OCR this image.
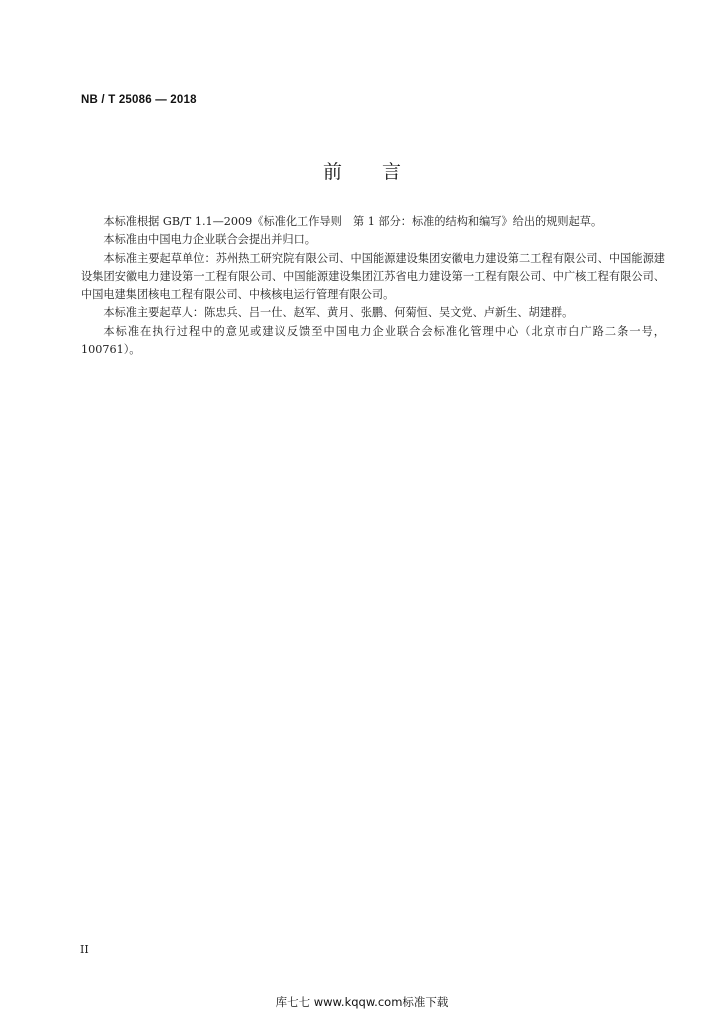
NB / T 25086 — 2018
前言

本标准根据 GB/T 1.1—2009《标准化工作导则　第 1 部分：标准的结构和编写》给出的规则起草。

本标准由中国电力企业联合会提出并归口。

本标准主要起草单位：苏州热工研究院有限公司、中国能源建设集团安徽电力建设第二工程有限公司、中国能源建设集团安徽电力建设第一工程有限公司、中国能源建设集团江苏省电力建设第一工程有限公司、中广核工程有限公司、中国电建集团核电工程有限公司、中核核电运行管理有限公司。

本标准主要起草人：陈忠兵、吕一仕、赵军、黄月、张鹏、何菊恒、吴文党、卢新生、胡建群。

本标准在执行过程中的意见或建议反馈至中国电力企业联合会标准化管理中心（北京市白广路二条一号，100761）。

II
库七七 www.kqqw.com标准下载
